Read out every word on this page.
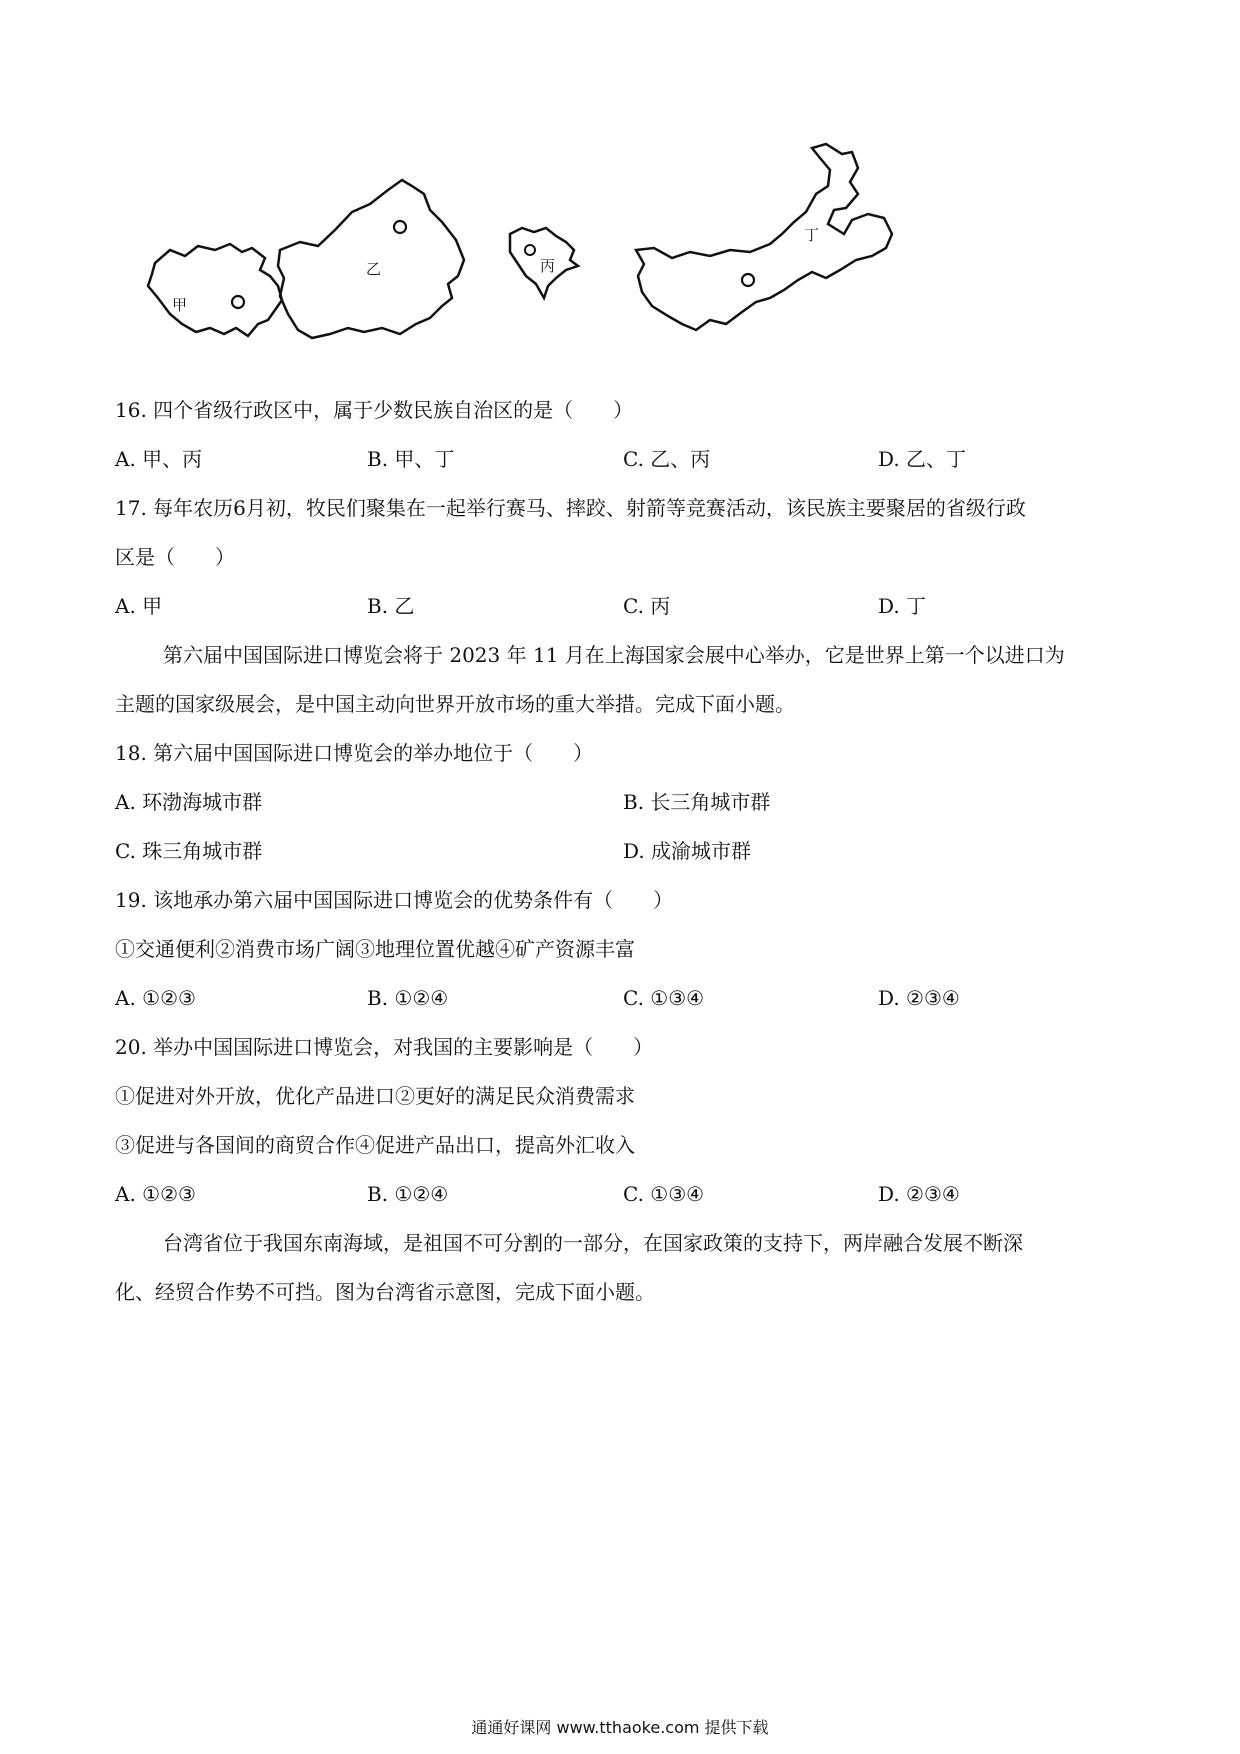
甲
乙	丙
丁
16. 四个省级行政区中，属于少数民族自治区的是（　　）
A. 甲、丙	B. 甲、丁	C. 乙、丙	D. 乙、丁
17. 每年农历6月初，牧民们聚集在一起举行赛马、摔跤、射箭等竞赛活动，该民族主要聚居的省级行政
区是（　　）
A. 甲	B. 乙	C. 丙	D. 丁
第六届中国国际进口博览会将于 2023 年 11 月在上海国家会展中心举办，它是世界上第一个以进口为
主题的国家级展会，是中国主动向世界开放市场的重大举措。完成下面小题。
18. 第六届中国国际进口博览会的举办地位于（　　）
A. 环渤海城市群	B. 长三角城市群
C. 珠三角城市群	D. 成渝城市群
19. 该地承办第六届中国国际进口博览会的优势条件有（　　）
①交通便利②消费市场广阔③地理位置优越④矿产资源丰富
A. ①②③	B. ①②④	C. ①③④	D. ②③④
20. 举办中国国际进口博览会，对我国的主要影响是（　　）
①促进对外开放，优化产品进口②更好的满足民众消费需求
③促进与各国间的商贸合作④促进产品出口，提高外汇收入
A. ①②③	B. ①②④	C. ①③④	D. ②③④
台湾省位于我国东南海域，是祖国不可分割的一部分，在国家政策的支持下，两岸融合发展不断深
化、经贸合作势不可挡。图为台湾省示意图，完成下面小题。
通通好课网 www.tthaoke.com 提供下载
